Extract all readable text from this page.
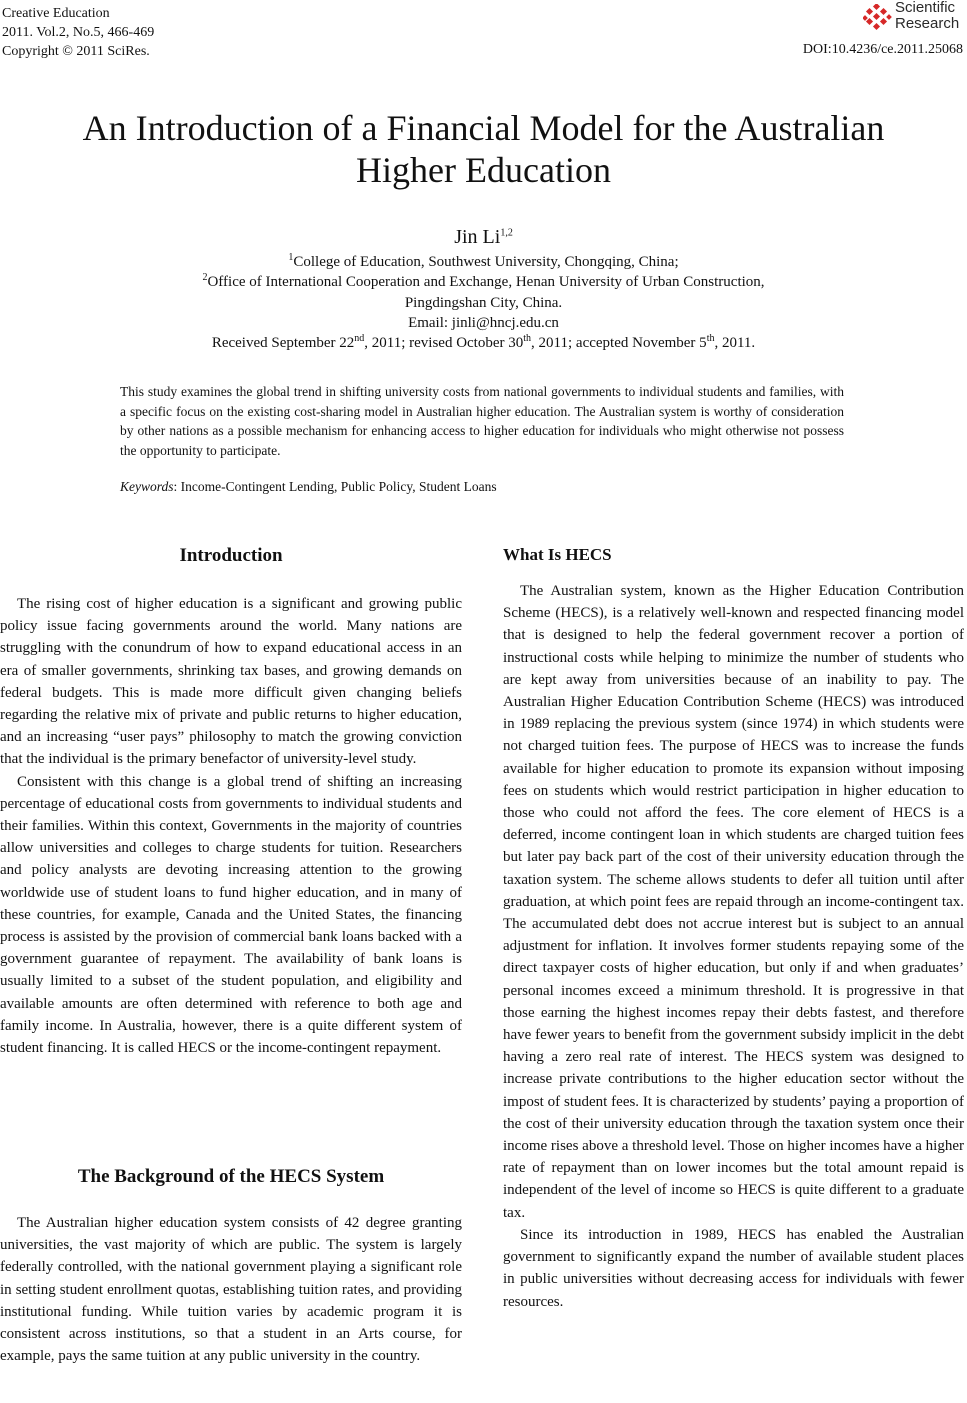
Creative Education
2011. Vol.2, No.5, 466-469
Copyright © 2011 SciRes.
Scientific
Research
DOI:10.4236/ce.2011.25068
An Introduction of a Financial Model for the Australian
Higher Education
Jin Li$^{1,2}$
$^1$College of Education, Southwest University, Chongqing, China;
$^2$Office of International Cooperation and Exchange, Henan University of Urban Construction,
Pingdingshan City, China.
Email: jinli@hncj.edu.cn
Received September 22nd, 2011; revised October 30th, 2011; accepted November 5th, 2011.
This study examines the global trend in shifting university costs from national governments to individual students and families, with a specific focus on the existing cost-sharing model in Australian higher education. The Australian system is worthy of consideration by other nations as a possible mechanism for enhancing access to higher education for individuals who might otherwise not possess the opportunity to participate.
Keywords: Income-Contingent Lending, Public Policy, Student Loans
Introduction

The rising cost of higher education is a significant and growing public policy issue facing governments around the world. Many nations are struggling with the conundrum of how to expand educational access in an era of smaller governments, shrinking tax bases, and growing demands on federal budgets. This is made more difficult given changing beliefs regarding the relative mix of private and public returns to higher education, and an increasing “user pays” philosophy to match the growing conviction that the individual is the primary benefactor of university-level study.

Consistent with this change is a global trend of shifting an increasing percentage of educational costs from governments to individual students and their families. Within this context, Governments in the majority of countries allow universities and colleges to charge students for tuition. Researchers and policy analysts are devoting increasing attention to the growing worldwide use of student loans to fund higher education, and in many of these countries, for example, Canada and the United States, the financing process is assisted by the provision of commercial bank loans backed with a government guarantee of repayment. The availability of bank loans is usually limited to a subset of the student population, and eligibility and available amounts are often determined with reference to both age and family income. In Australia, however, there is a quite different system of student financing. It is called HECS or the income-contingent repayment.

The Background of the HECS System

The Australian higher education system consists of 42 degree granting universities, the vast majority of which are public. The system is largely federally controlled, with the national government playing a significant role in setting student enrollment quotas, establishing tuition rates, and providing institutional funding. While tuition varies by academic program it is consistent across institutions, so that a student in an Arts course, for example, pays the same tuition at any public university in the country.

What Is HECS

The Australian system, known as the Higher Education Contribution Scheme (HECS), is a relatively well-known and respected financing model that is designed to help the federal government recover a portion of instructional costs while helping to minimize the number of students who are kept away from universities because of an inability to pay. The Australian Higher Education Contribution Scheme (HECS) was introduced in 1989 replacing the previous system (since 1974) in which students were not charged tuition fees. The purpose of HECS was to increase the funds available for higher education to promote its expansion without imposing fees on students which would restrict participation in higher education to those who could not afford the fees. The core element of HECS is a deferred, income contingent loan in which students are charged tuition fees but later pay back part of the cost of their university education through the taxation system. The scheme allows students to defer all tuition until after graduation, at which point fees are repaid through an income-contingent tax. The accumulated debt does not accrue interest but is subject to an annual adjustment for inflation. It involves former students repaying some of the direct taxpayer costs of higher education, but only if and when graduates’ personal incomes exceed a minimum threshold. It is progressive in that those earning the highest incomes repay their debts fastest, and therefore have fewer years to benefit from the government subsidy implicit in the debt having a zero real rate of interest. The HECS system was designed to increase private contributions to the higher education sector without the impost of student fees. It is characterized by students’ paying a proportion of the cost of their university education through the taxation system once their income rises above a threshold level. Those on higher incomes have a higher rate of repayment than on lower incomes but the total amount repaid is independent of the level of income so HECS is quite different to a graduate tax.

Since its introduction in 1989, HECS has enabled the Australian government to significantly expand the number of available student places in public universities without decreasing access for individuals with fewer resources.
